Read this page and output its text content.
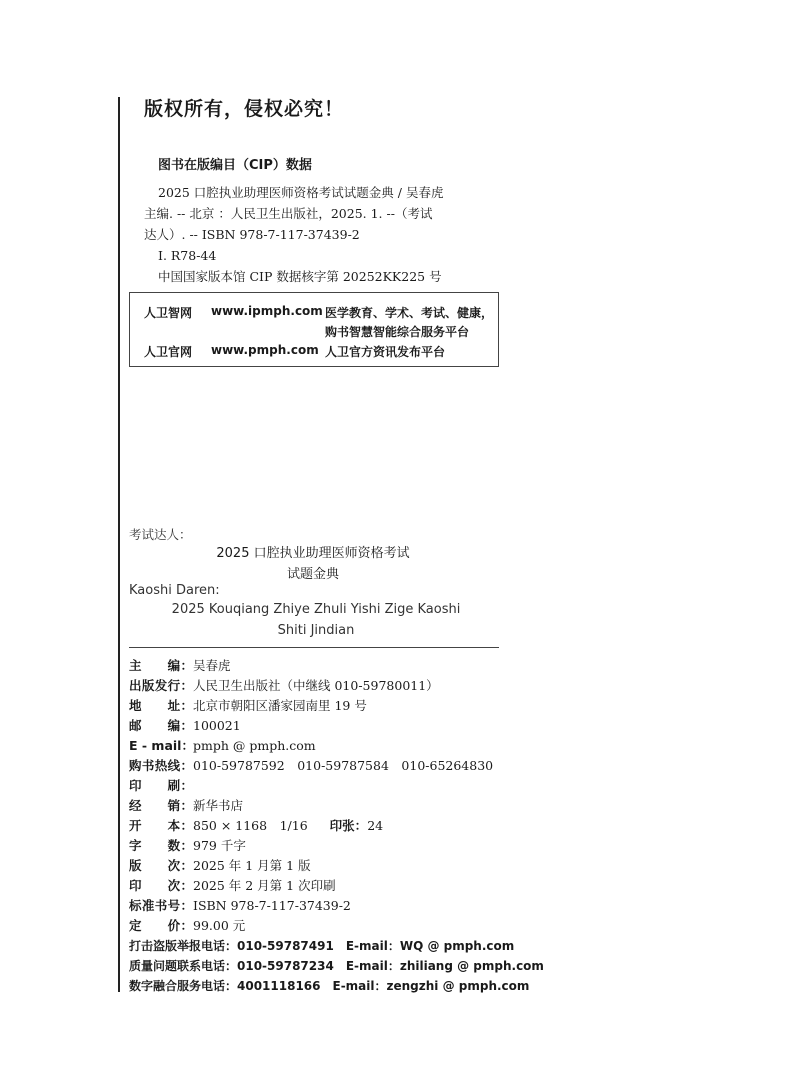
版权所有，侵权必究！
图书在版编目（CIP）数据
2025 口腔执业助理医师资格考试试题金典 / 吴春虎
主编. -- 北京 ：人民卫生出版社，2025. 1. --（考试
达人）. -- ISBN 978-7-117-37439-2
Ⅰ. R78-44
中国国家版本馆 CIP 数据核字第 20252KK225 号
人卫智网 www.ipmph.com 医学教育、学术、考试、健康，
购书智慧智能综合服务平台
人卫官网 www.pmph.com 人卫官方资讯发布平台
考试达人：
2025 口腔执业助理医师资格考试
试题金典
Kaoshi Daren:
2025 Kouqiang Zhiye Zhuli Yishi Zige Kaoshi
Shiti Jindian
主　　编：吴春虎
出版发行：人民卫生出版社（中继线 010-59780011）
地　　址：北京市朝阳区潘家园南里 19 号
邮　　编：100021
E - mail：pmph @ pmph.com
购书热线：010-59787592　010-59787584　010-65264830
印　　刷：
经　　销：新华书店
开　　本：850 × 1168　1/16 印张：24
字　　数：979 千字
版　　次：2025 年 1 月第 1 版
印　　次：2025 年 2 月第 1 次印刷
标准书号：ISBN 978-7-117-37439-2
定　　价：99.00 元
打击盗版举报电话：010-59787491　E-mail：WQ @ pmph.com
质量问题联系电话：010-59787234　E-mail：zhiliang @ pmph.com
数字融合服务电话：4001118166　E-mail：zengzhi @ pmph.com
